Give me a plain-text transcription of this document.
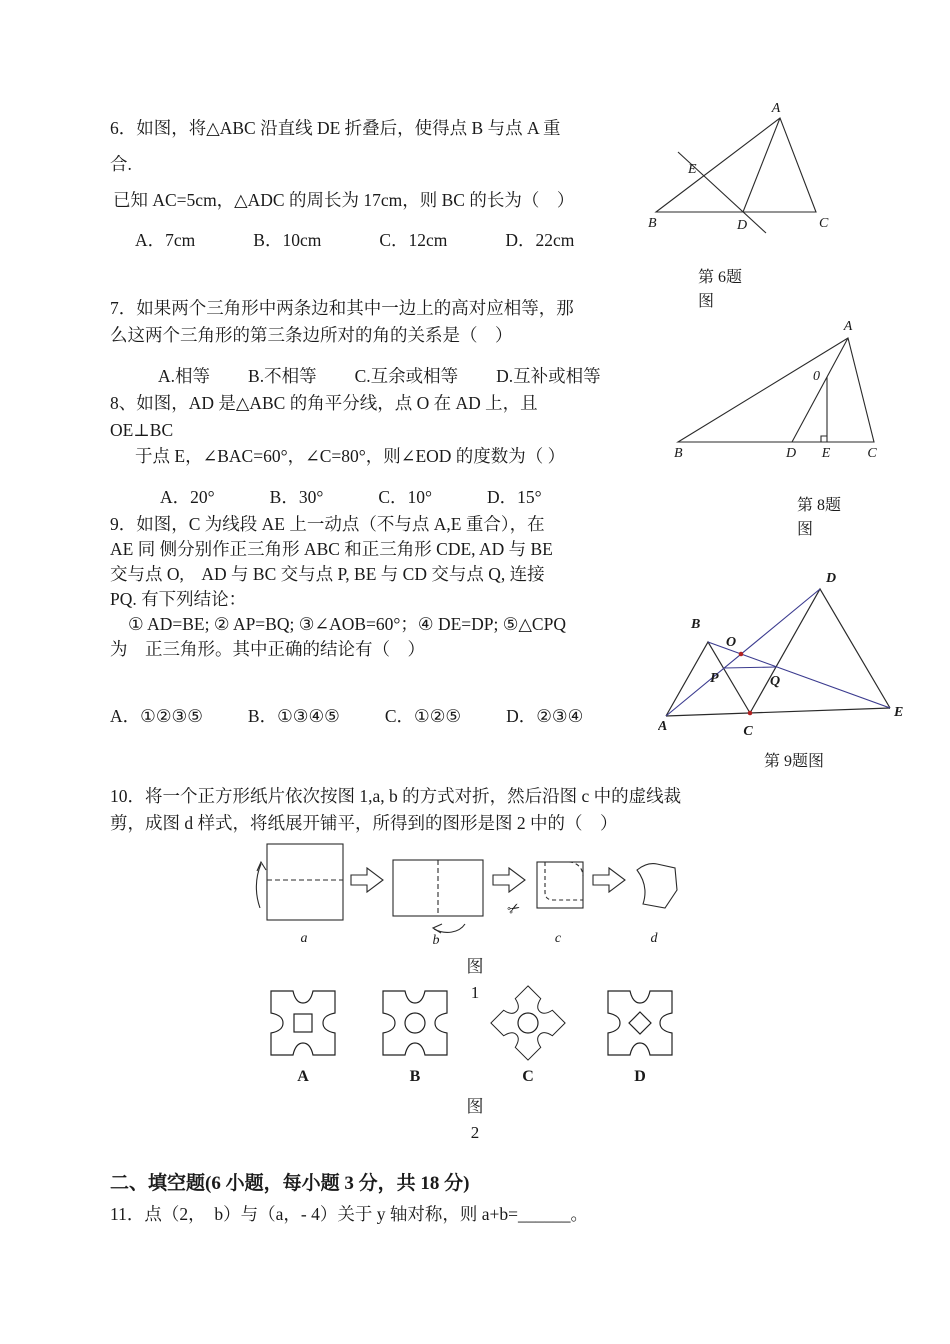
6．如图，将△ABC 沿直线 DE 折叠后，使得点 B 与点 A 重
合.
已知 AC=5cm，△ADC 的周长为 17cm，则 BC 的长为（　）
A．7cm	B．10cm	C．12cm	D．22cm
A
E
B	D	C
第 6题
图
7．如果两个三角形中两条边和其中一边上的高对应相等，那
么这两个三角形的第三条边所对的角的关系是（　）
A.相等 B.不相等 C.互余或相等 D.互补或相等
8、如图，AD 是△ABC 的角平分线，点 O 在 AD 上，且
OE⊥BC
于点 E，∠BAC=60°，∠C=80°，则∠EOD 的度数为（ ）
A．20°	B．30°	C．10°	D．15°
A
B	D E	C
0
第 8题
图
9．如图，C 为线段 AE 上一动点（不与点 A,E 重合），在
AE 同 侧分别作正三角形 ABC 和正三角形 CDE, AD 与 BE
交与点 O,　AD 与 BC 交与点 P, BE 与 CD 交与点 Q, 连接
PQ. 有下列结论：
① AD=BE; ② AP=BQ; ③∠AOB=60°；④ DE=DP; ⑤△CPQ
为　正三角形。其中正确的结论有（　）
A．①②③⑤	B．①③④⑤	C．①②⑤	D．②③④
A
B
O
P	Q
C
D
E
第 9题图
10．将一个正方形纸片依次按图 1,a, b 的方式对折，然后沿图 c 中的虚线裁
剪，成图 d 样式，将纸展开铺平，所得到的图形是图 2 中的（　）
✂
a	b	c	d
图
1
A	B	C	D
图
2
二、填空题(6 小题，每小题 3 分，共 18 分)
11．点（2，　b）与（a，- 4）关于 y 轴对称，则 a+b=______。
